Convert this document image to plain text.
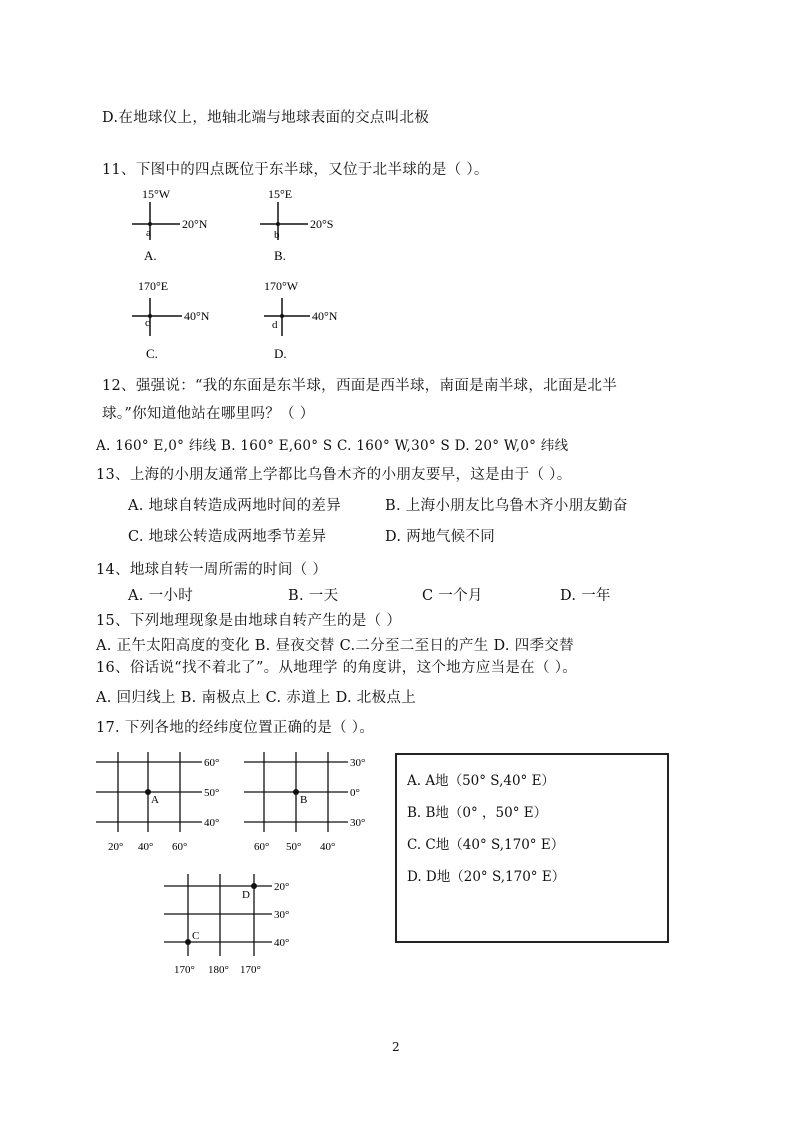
D.在地球仪上，地轴北端与地球表面的交点叫北极
11、下图中的四点既位于东半球，又位于北半球的是（ ）。
15°W
20°N
a
A.
15°E
20°S
b
B.
170°E
40°N
c
C.
170°W
40°N
d
D.
12、强强说：“我的东面是东半球，西面是西半球，南面是南半球，北面是北半
球。”你知道他站在哪里吗？（ ）
A. 160° E,0° 纬线 B. 160° E,60° S C. 160° W,30° S D. 20° W,0° 纬线
13、上海的小朋友通常上学都比乌鲁木齐的小朋友要早，这是由于（ ）。
A. 地球自转造成两地时间的差异	B. 上海小朋友比乌鲁木齐小朋友勤奋
C. 地球公转造成两地季节差异	D. 两地气候不同
14、地球自转一周所需的时间（ ）
A. 一小时	B. 一天	C 一个月	D. 一年
15、下列地理现象是由地球自转产生的是（ ）
A. 正午太阳高度的变化 B. 昼夜交替 C.二分至二至日的产生 D. 四季交替
16、俗话说“找不着北了”。从地理学 的角度讲，这个地方应当是在（ ）。
A. 回归线上 B. 南极点上 C. 赤道上 D. 北极点上
17. 下列各地的经纬度位置正确的是（ ）。
A
60°
50°
40°
20° 40° 60°
B
30°
0°
30°
60° 50° 40°
D
C
20°
30°
40°
170° 180° 170°
A. A地（50° S,40° E）
B. B地（0° ，50° E）
C. C地（40° S,170° E）
D. D地（20° S,170° E）
2
